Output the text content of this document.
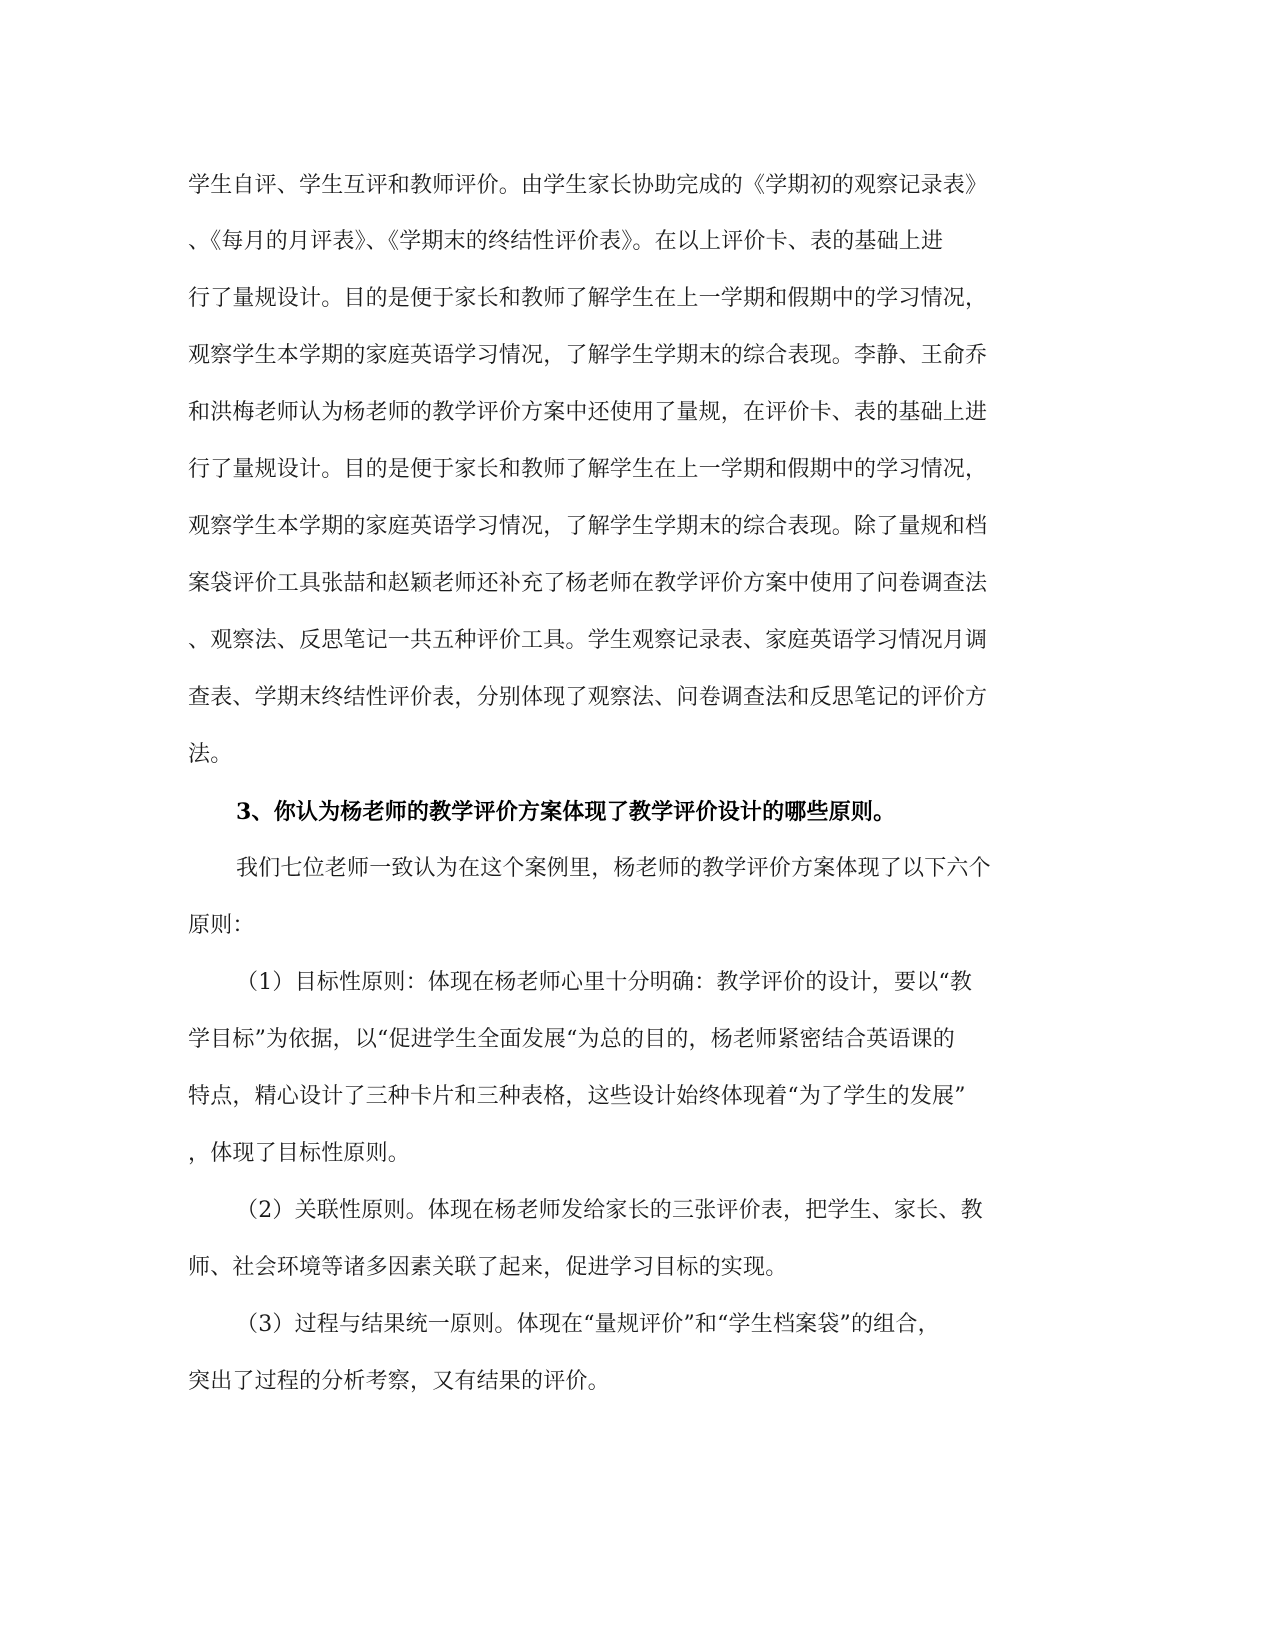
学生自评、学生互评和教师评价。由学生家长协助完成的《学期初的观察记录表》
、《每月的月评表》、《学期末的终结性评价表》。在以上评价卡、表的基础上进
行了量规设计。目的是便于家长和教师了解学生在上一学期和假期中的学习情况，
观察学生本学期的家庭英语学习情况，了解学生学期末的综合表现。李静、王俞乔
和洪梅老师认为杨老师的教学评价方案中还使用了量规，在评价卡、表的基础上进
行了量规设计。目的是便于家长和教师了解学生在上一学期和假期中的学习情况，
观察学生本学期的家庭英语学习情况，了解学生学期末的综合表现。除了量规和档
案袋评价工具张喆和赵颖老师还补充了杨老师在教学评价方案中使用了问卷调查法
、观察法、反思笔记一共五种评价工具。学生观察记录表、家庭英语学习情况月调
查表、学期末终结性评价表，分别体现了观察法、问卷调查法和反思笔记的评价方
法。
3、你认为杨老师的教学评价方案体现了教学评价设计的哪些原则。
我们七位老师一致认为在这个案例里，杨老师的教学评价方案体现了以下六个
原则：
（1）目标性原则：体现在杨老师心里十分明确：教学评价的设计，要以“教
学目标”为依据，以“促进学生全面发展“为总的目的，杨老师紧密结合英语课的
特点，精心设计了三种卡片和三种表格，这些设计始终体现着“为了学生的发展”
，体现了目标性原则。
（2）关联性原则。体现在杨老师发给家长的三张评价表，把学生、家长、教
师、社会环境等诸多因素关联了起来，促进学习目标的实现。
（3）过程与结果统一原则。体现在“量规评价”和“学生档案袋”的组合，
突出了过程的分析考察，又有结果的评价。
